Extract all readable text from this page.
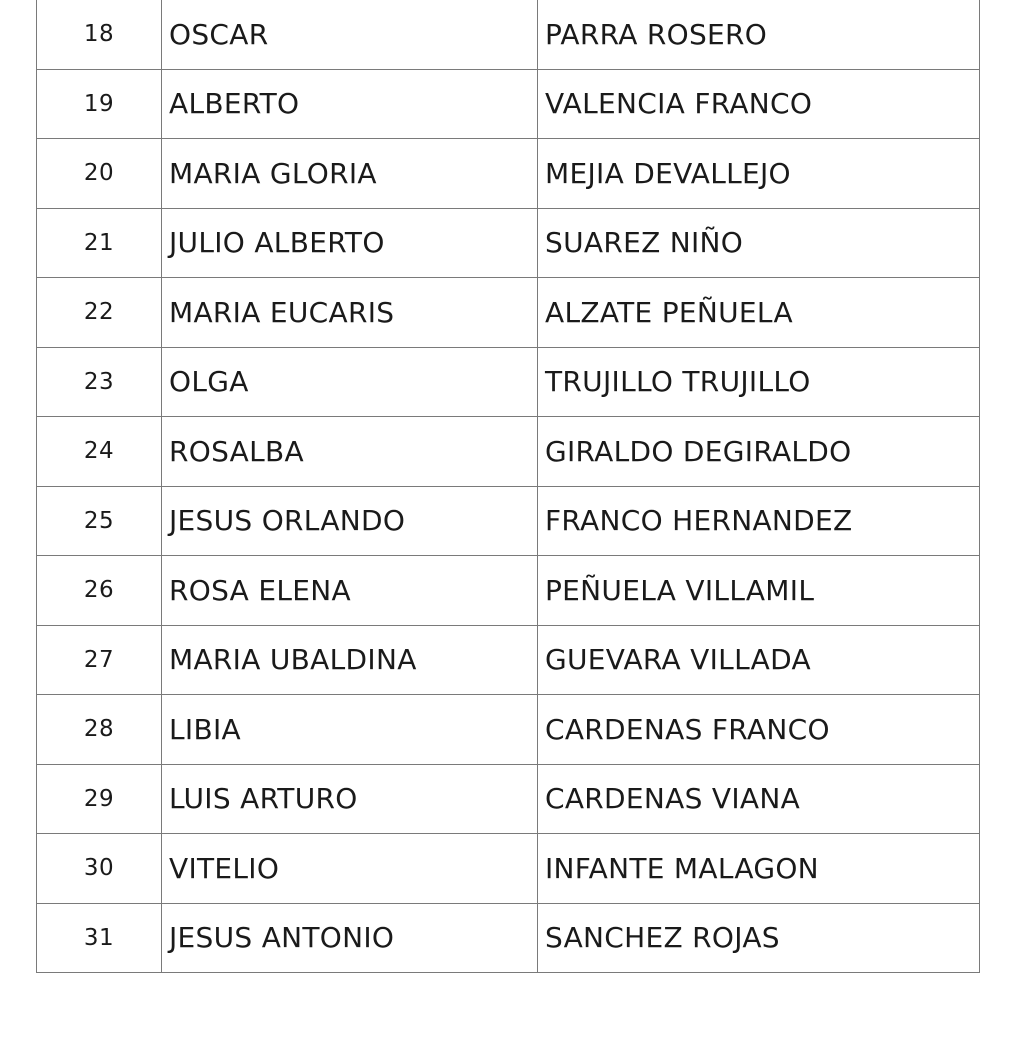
18	OSCAR	PARRA ROSERO
19	ALBERTO	VALENCIA FRANCO
20	MARIA GLORIA	MEJIA DEVALLEJO
21	JULIO ALBERTO	SUAREZ NIÑO
22	MARIA EUCARIS	ALZATE PEÑUELA
23	OLGA	TRUJILLO TRUJILLO
24	ROSALBA	GIRALDO DEGIRALDO
25	JESUS ORLANDO	FRANCO HERNANDEZ
26	ROSA ELENA	PEÑUELA VILLAMIL
27	MARIA UBALDINA	GUEVARA VILLADA
28	LIBIA	CARDENAS FRANCO
29	LUIS ARTURO	CARDENAS VIANA
30	VITELIO	INFANTE MALAGON
31	JESUS ANTONIO	SANCHEZ ROJAS
